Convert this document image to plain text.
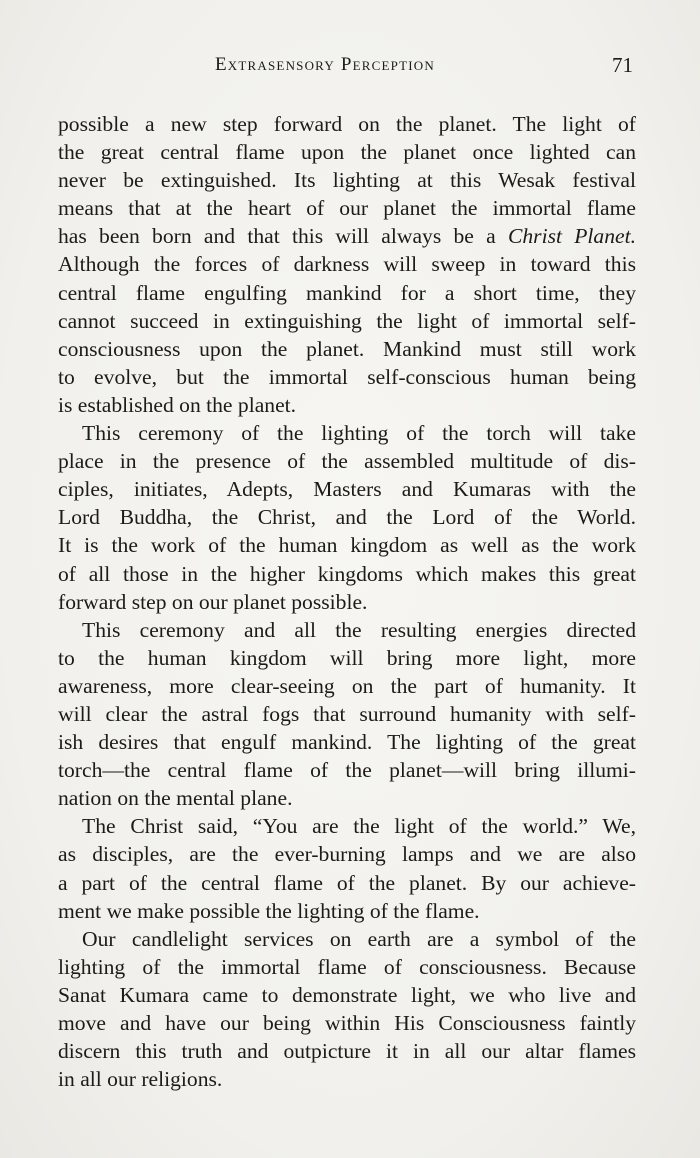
Extrasensory Perception	71

possible a new step forward on the planet. The light of
the great central flame upon the planet once lighted can
never be extinguished. Its lighting at this Wesak festival
means that at the heart of our planet the immortal flame
has been born and that this will always be a Christ Planet.
Although the forces of darkness will sweep in toward this
central flame engulfing mankind for a short time, they
cannot succeed in extinguishing the light of immortal self-
consciousness upon the planet. Mankind must still work
to evolve, but the immortal self-conscious human being
is established on the planet.

This ceremony of the lighting of the torch will take
place in the presence of the assembled multitude of dis-
ciples, initiates, Adepts, Masters and Kumaras with the
Lord Buddha, the Christ, and the Lord of the World.
It is the work of the human kingdom as well as the work
of all those in the higher kingdoms which makes this great
forward step on our planet possible.

This ceremony and all the resulting energies directed
to the human kingdom will bring more light, more
awareness, more clear-seeing on the part of humanity. It
will clear the astral fogs that surround humanity with self-
ish desires that engulf mankind. The lighting of the great
torch—the central flame of the planet—will bring illumi-
nation on the mental plane.

The Christ said, “You are the light of the world.” We,
as disciples, are the ever-burning lamps and we are also
a part of the central flame of the planet. By our achieve-
ment we make possible the lighting of the flame.

Our candlelight services on earth are a symbol of the
lighting of the immortal flame of consciousness. Because
Sanat Kumara came to demonstrate light, we who live and
move and have our being within His Consciousness faintly
discern this truth and outpicture it in all our altar flames
in all our religions.
